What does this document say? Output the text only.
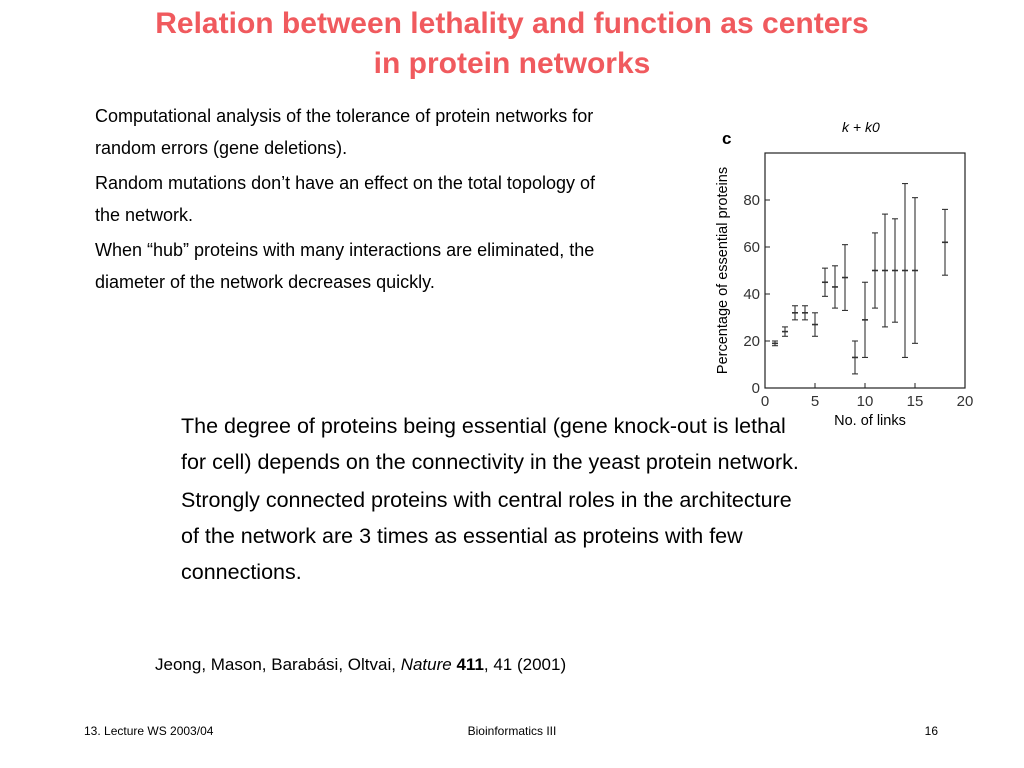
Relation between lethality and function as centers
in protein networks

Computational analysis of the tolerance of protein networks for random errors (gene deletions).

Random mutations don’t have an effect on the total topology of the network.

When “hub” proteins with many interactions are eliminated, the diameter of the network decreases quickly.

c
k + k0
Percentage of essential proteins
No. of links
0	5 10 15 20
0
20
40
60
80

The degree of proteins being essential (gene knock-out is lethal for cell) depends on the connectivity in the yeast protein network.

Strongly connected proteins with central roles in the architecture of the network are 3 times as essential as proteins with few connections.

Jeong, Mason, Barabási, Oltvai, Nature 411, 41 (2001)
13. Lecture WS 2003/04	Bioinformatics III	16
